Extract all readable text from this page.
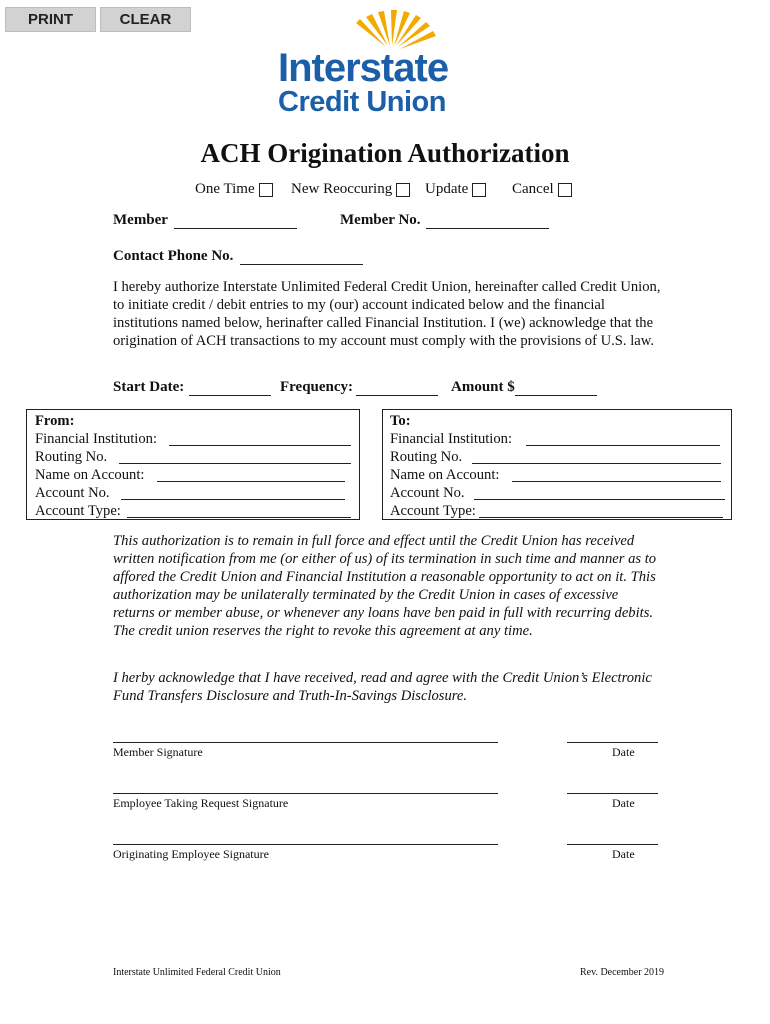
PRINT	CLEAR
Interstate
Credit Union
ACH Origination Authorization
One Time New Reoccuring Update	Cancel
Member	Member No.
Contact Phone No.
I hereby authorize Interstate Unlimited Federal Credit Union, hereinafter called Credit Union, to initiate credit / debit entries to my (our) account indicated below and the financial institutions named below, herinafter called Financial Institution. I (we) acknowledge that the origination of ACH transactions to my account must comply with the provisions of U.S. law.
Start Date:	Frequency:	Amount $
From:
Financial Institution:
Routing No.
Name on Account:
Account No.
Account Type:
To:
Financial Institution:
Routing No.
Name on Account:
Account No.
Account Type:
This authorization is to remain in full force and effect until the Credit Union has received written notification from me (or either of us) of its termination in such time and manner as to affored the Credit Union and Financial Institution a reasonable opportunity to act on it. This authorization may be unilaterally terminated by the Credit Union in cases of excessive returns or member abuse, or whenever any loans have ben paid in full with recurring debits. The credit union reserves the right to revoke this agreement at any time.
I herby acknowledge that I have received, read and agree with the Credit Union’s Electronic Fund Transfers Disclosure and Truth-In-Savings Disclosure.
Member Signature	Date
Employee Taking Request Signature	Date
Originating Employee Signature	Date
Interstate Unlimited Federal Credit Union	Rev. December 2019
